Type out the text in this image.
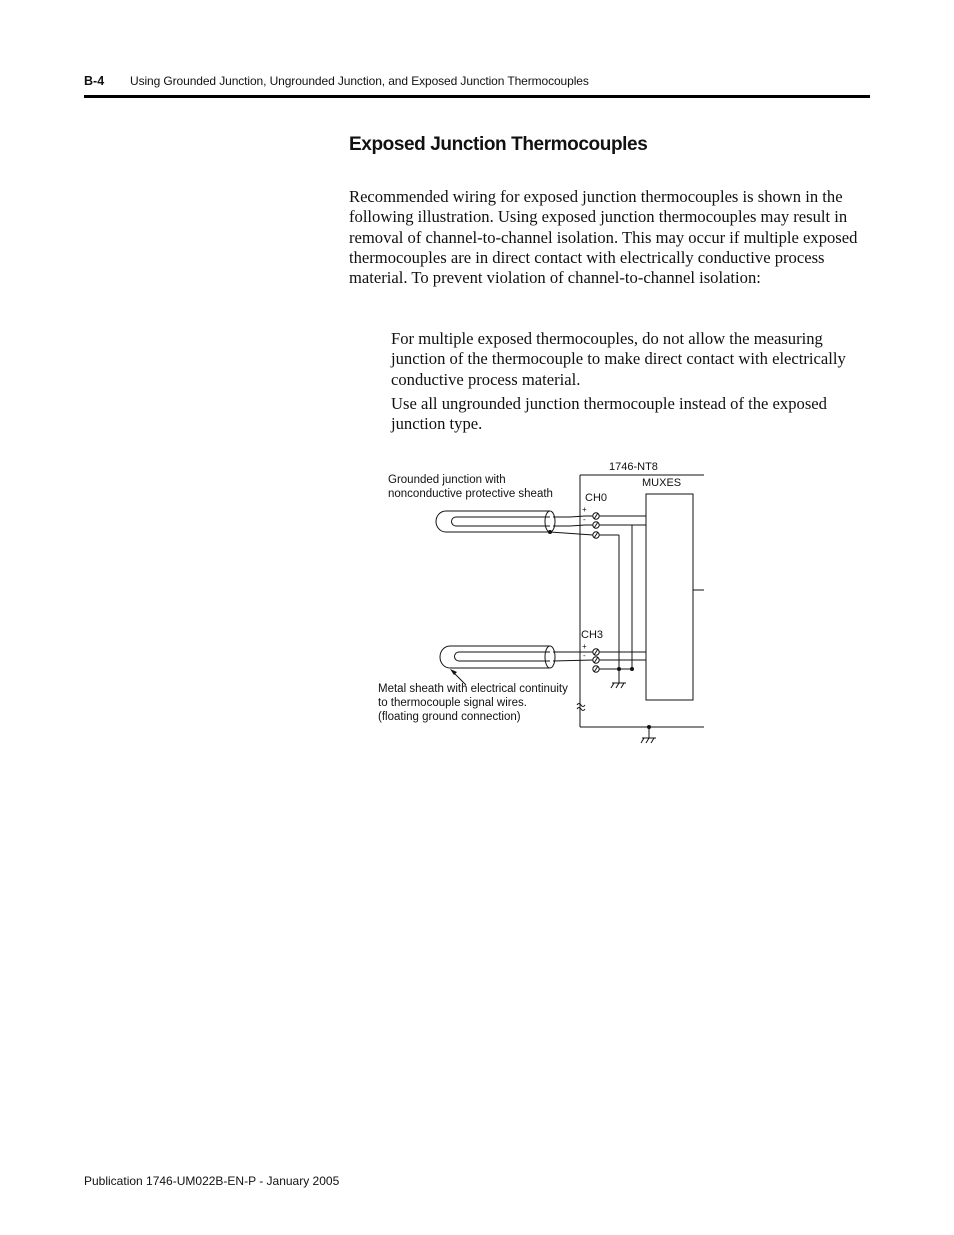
B-4 Using Grounded Junction, Ungrounded Junction, and Exposed Junction Thermocouples
Exposed Junction Thermocouples

Recommended wiring for exposed junction thermocouples is shown in the following illustration. Using exposed junction thermocouples may result in removal of channel-to-channel isolation. This may occur if multiple exposed thermocouples are in direct contact with electrically conductive process material. To prevent violation of channel-to-channel isolation:

For multiple exposed thermocouples, do not allow the measuring junction of the thermocouple to make direct contact with electrically conductive process material.
Use all ungrounded junction thermocouple instead of the exposed junction type.
1746-NT8
MUXES
CH0
+
-
CH3
+
-
Grounded junction with
nonconductive protective sheath
Metal sheath with electrical continuity
to thermocouple signal wires.
(floating ground connection)
Publication 1746-UM022B-EN-P - January 2005
